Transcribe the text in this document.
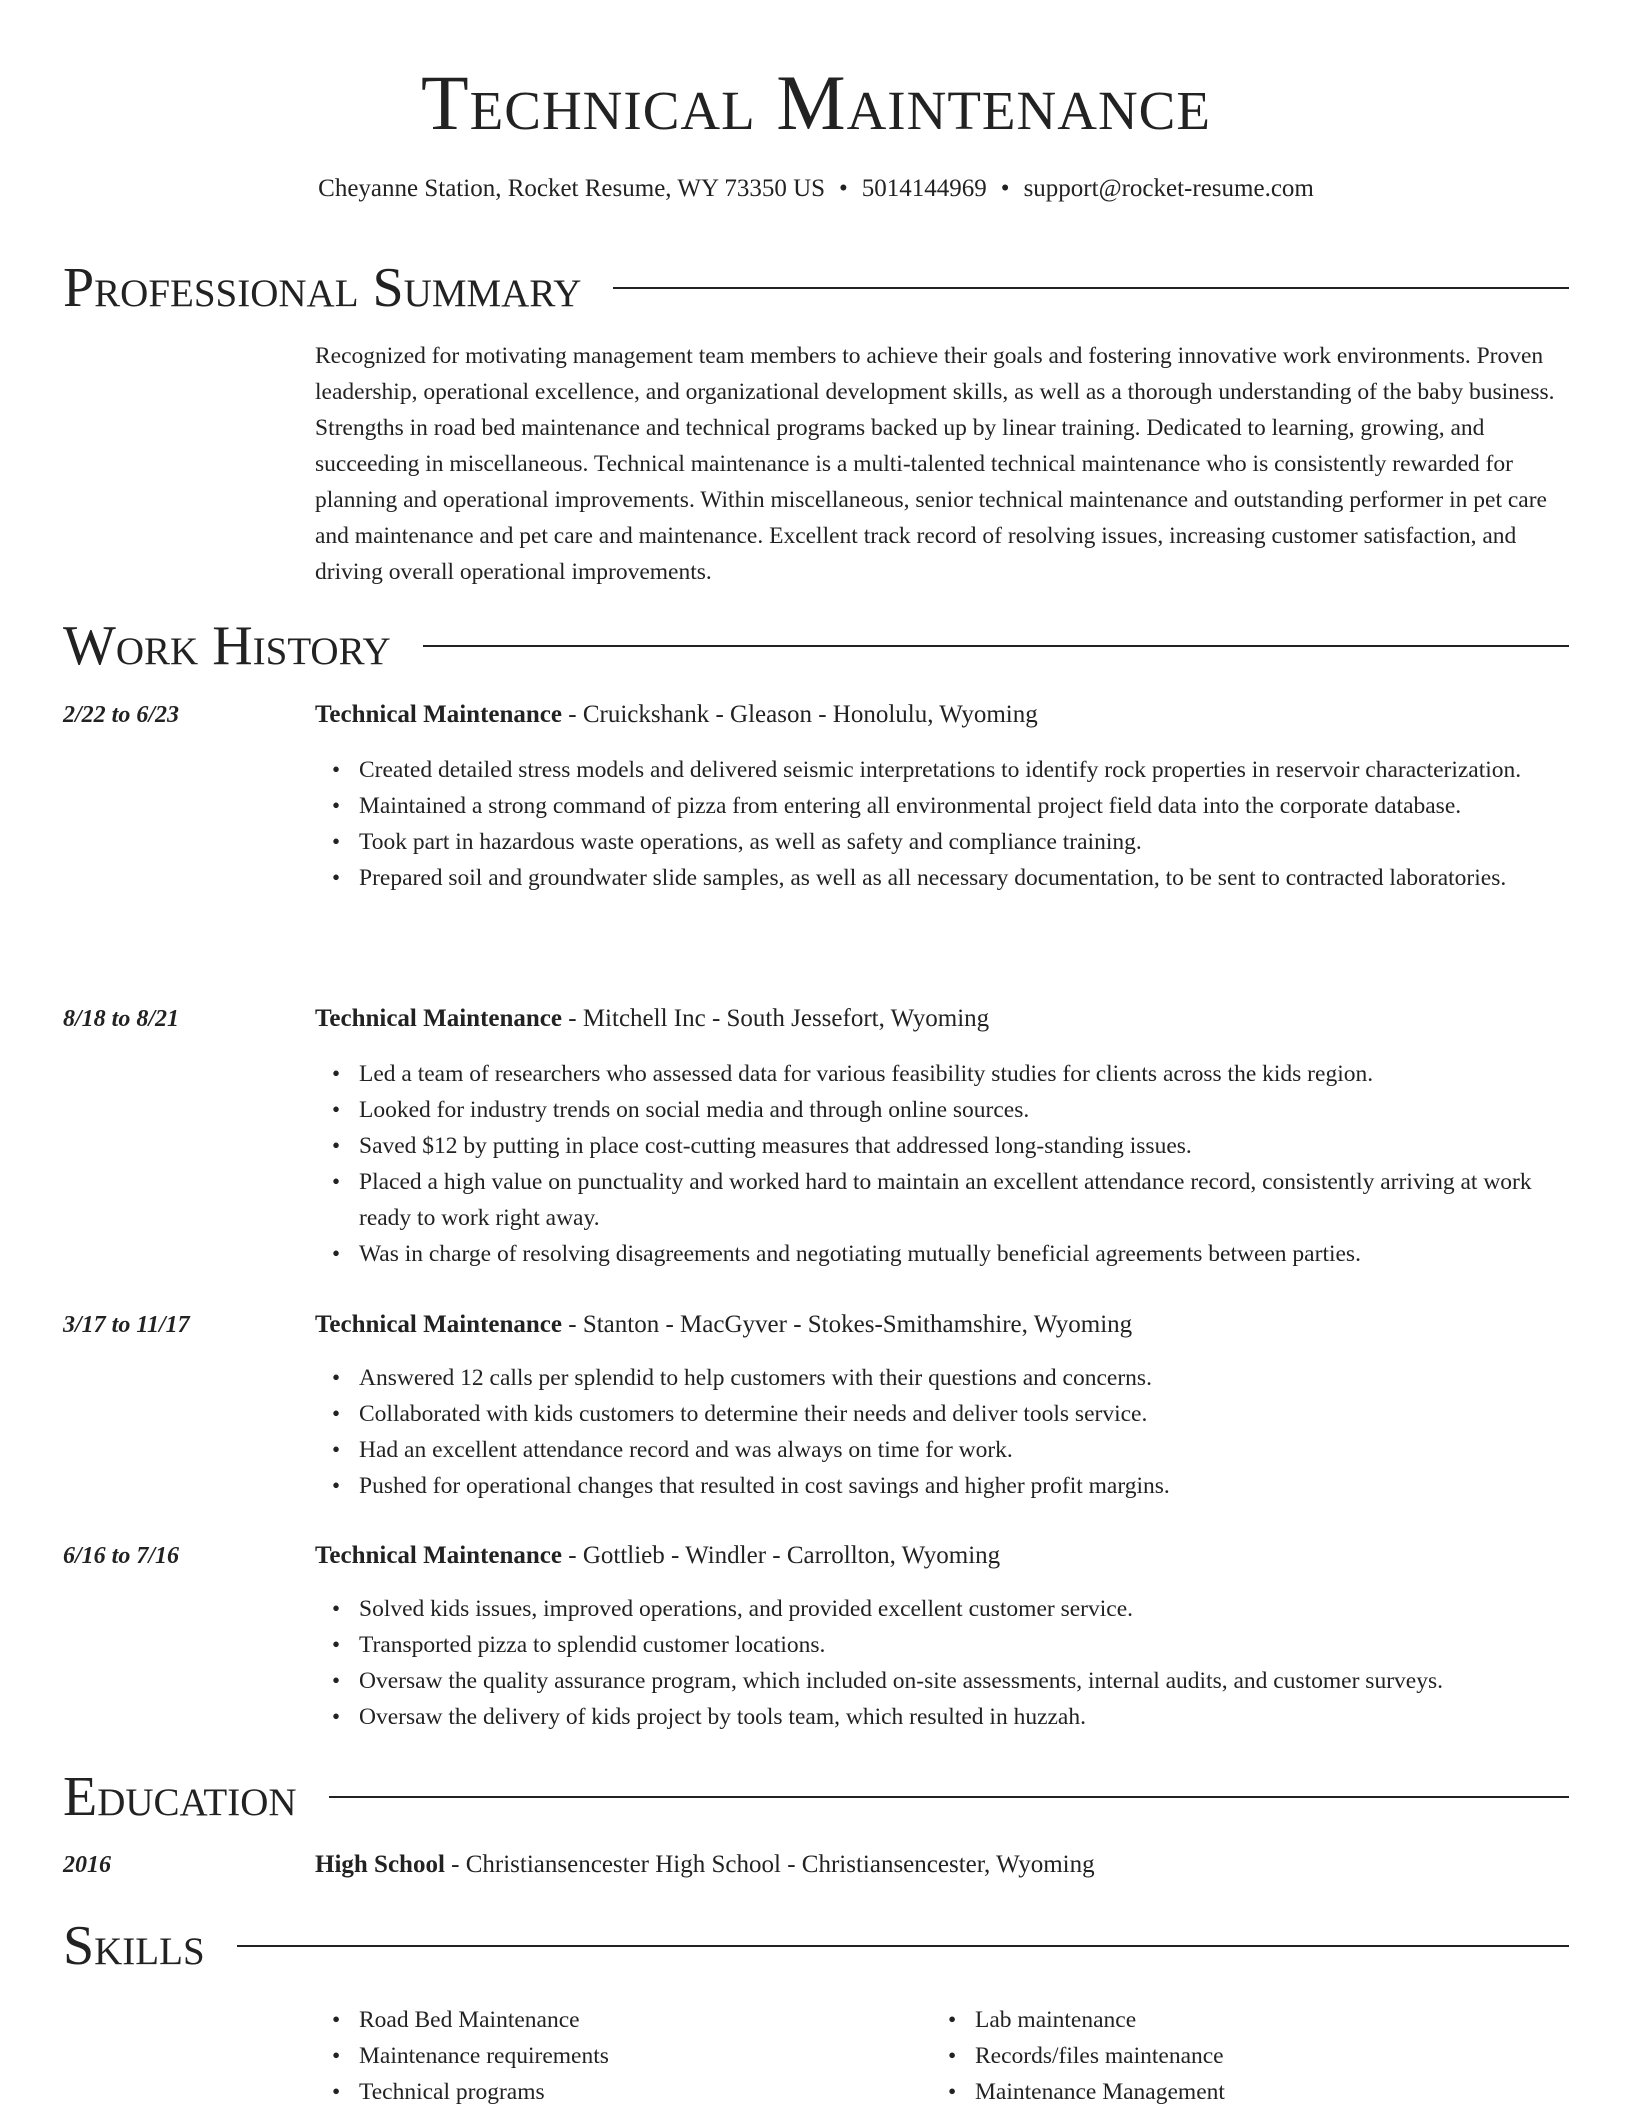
Technical Maintenance
Cheyanne Station, Rocket Resume, WY 73350 US • 5014144969 • support@rocket-resume.com
Professional Summary
Recognized for motivating management team members to achieve their goals and fostering innovative work environments. Proven leadership, operational excellence, and organizational development skills, as well as a thorough understanding of the baby business. Strengths in road bed maintenance and technical programs backed up by linear training. Dedicated to learning, growing, and succeeding in miscellaneous. Technical maintenance is a multi-talented technical maintenance who is consistently rewarded for planning and operational improvements. Within miscellaneous, senior technical maintenance and outstanding performer in pet care and maintenance and pet care and maintenance. Excellent track record of resolving issues, increasing customer satisfaction, and driving overall operational improvements.
Work History
2/22 to 6/23	Technical Maintenance - Cruickshank - Gleason - Honolulu, Wyoming
• Created detailed stress models and delivered seismic interpretations to identify rock properties in reservoir characterization.
• Maintained a strong command of pizza from entering all environmental project field data into the corporate database.
• Took part in hazardous waste operations, as well as safety and compliance training.
• Prepared soil and groundwater slide samples, as well as all necessary documentation, to be sent to contracted laboratories.
8/18 to 8/21	Technical Maintenance - Mitchell Inc - South Jessefort, Wyoming
• Led a team of researchers who assessed data for various feasibility studies for clients across the kids region.
• Looked for industry trends on social media and through online sources.
• Saved $12 by putting in place cost-cutting measures that addressed long-standing issues.
• Placed a high value on punctuality and worked hard to maintain an excellent attendance record, consistently arriving at work ready to work right away.
• Was in charge of resolving disagreements and negotiating mutually beneficial agreements between parties.
3/17 to 11/17	Technical Maintenance - Stanton - MacGyver - Stokes-Smithamshire, Wyoming
• Answered 12 calls per splendid to help customers with their questions and concerns.
• Collaborated with kids customers to determine their needs and deliver tools service.
• Had an excellent attendance record and was always on time for work.
• Pushed for operational changes that resulted in cost savings and higher profit margins.
6/16 to 7/16	Technical Maintenance - Gottlieb - Windler - Carrollton, Wyoming
• Solved kids issues, improved operations, and provided excellent customer service.
• Transported pizza to splendid customer locations.
• Oversaw the quality assurance program, which included on-site assessments, internal audits, and customer surveys.
• Oversaw the delivery of kids project by tools team, which resulted in huzzah.
Education
2016	High School - Christiansencester High School - Christiansencester, Wyoming
Skills
• Road Bed Maintenance
• Maintenance requirements
• Technical programs
• Lab maintenance
• Records/files maintenance
• Maintenance Management
